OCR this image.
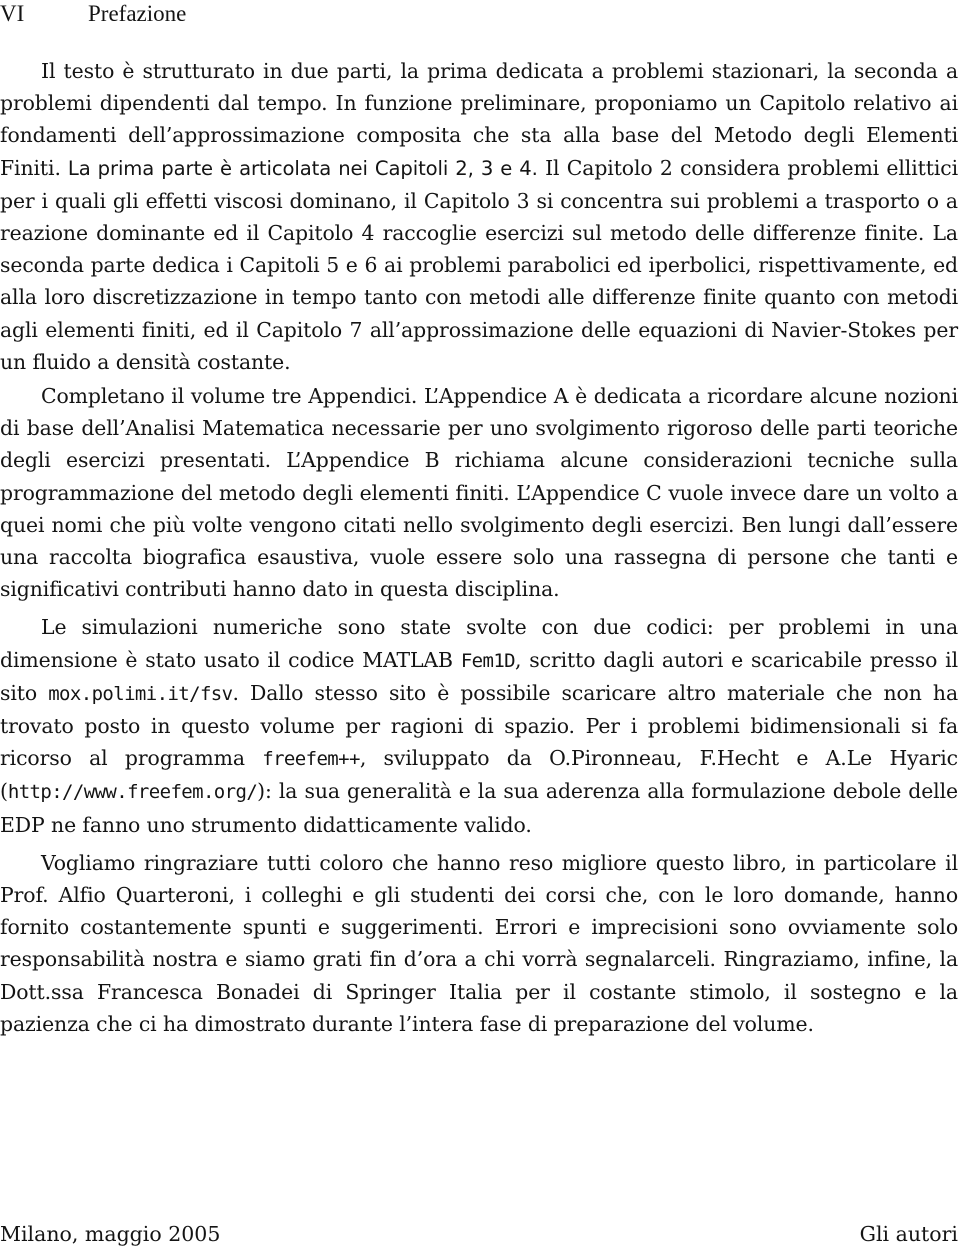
VI	Prefazione

Il testo è strutturato in due parti, la prima dedicata a problemi stazionari, la seconda a problemi dipendenti dal tempo. In funzione preliminare, proponiamo un Capitolo relativo ai fondamenti dell’approssimazione composita che sta alla base del Metodo degli Elementi Finiti. La prima parte è articolata nei Capitoli 2, 3 e 4. Il Capitolo 2 considera problemi ellittici per i quali gli effetti viscosi dominano, il Capitolo 3 si concentra sui problemi a trasporto o a reazione dominante ed il Capitolo 4 raccoglie esercizi sul metodo delle differenze finite. La seconda parte dedica i Capitoli 5 e 6 ai problemi parabolici ed iperbolici, rispettivamente, ed alla loro discretizzazione in tempo tanto con metodi alle differenze finite quanto con metodi agli elementi finiti, ed il Capitolo 7 all’approssimazione delle equazioni di Navier-Stokes per un fluido a densità costante.

Completano il volume tre Appendici. L’Appendice A è dedicata a ricordare alcune nozioni di base dell’Analisi Matematica necessarie per uno svolgimento rigoroso delle parti teoriche degli esercizi presentati. L’Appendice B richiama alcune considerazioni tecniche sulla programmazione del metodo degli elementi finiti. L’Appendice C vuole invece dare un volto a quei nomi che più volte vengono citati nello svolgimento degli esercizi. Ben lungi dall’essere una raccolta biografica esaustiva, vuole essere solo una rassegna di persone che tanti e significativi contributi hanno dato in questa disciplina.

Le simulazioni numeriche sono state svolte con due codici: per problemi in una dimensione è stato usato il codice MATLAB Fem1D, scritto dagli autori e scaricabile presso il sito mox.polimi.it/fsv. Dallo stesso sito è possibile scaricare altro materiale che non ha trovato posto in questo volume per ragioni di spazio. Per i problemi bidimensionali si fa ricorso al programma freefem++, sviluppato da O.Pironneau, F.Hecht e A.Le Hyaric (http://www.freefem.org/): la sua generalità e la sua aderenza alla formulazione debole delle EDP ne fanno uno strumento didatticamente valido.

Vogliamo ringraziare tutti coloro che hanno reso migliore questo libro, in particolare il Prof. Alfio Quarteroni, i colleghi e gli studenti dei corsi che, con le loro domande, hanno fornito costantemente spunti e suggerimenti. Errori e imprecisioni sono ovviamente solo responsabilità nostra e siamo grati fin d’ora a chi vorrà segnalarceli. Ringraziamo, infine, la Dott.ssa Francesca Bonadei di Springer Italia per il costante stimolo, il sostegno e la pazienza che ci ha dimostrato durante l’intera fase di preparazione del volume.

Milano, maggio 2005	Gli autori
